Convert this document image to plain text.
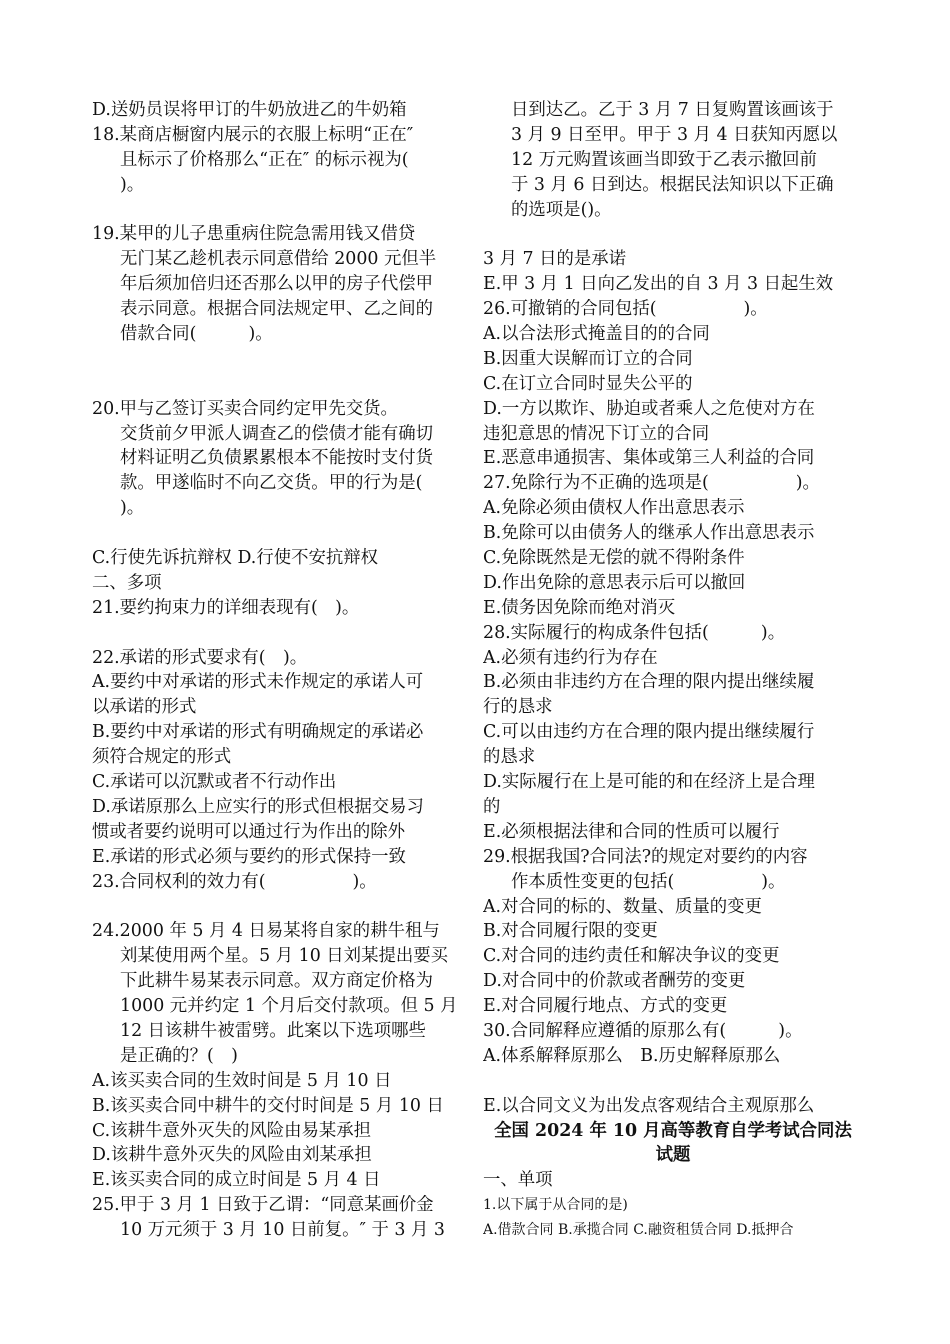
D.送奶员误将甲订的牛奶放进乙的牛奶箱
18.某商店橱窗内展示的衣服上标明“正在″
且标示了价格那么“正在″ 的标示视为(
)。
19.某甲的儿子患重病住院急需用钱又借贷
无门某乙趁机表示同意借给 2000 元但半
年后须加倍归还否那么以甲的房子代偿甲
表示同意。根据合同法规定甲、乙之间的
借款合同(　　　)。
20.甲与乙签订买卖合同约定甲先交货。
交货前夕甲派人调查乙的偿债才能有确切
材料证明乙负债累累根本不能按时支付货
款。甲遂临时不向乙交货。甲的行为是(
)。
C.行使先诉抗辩权 D.行使不安抗辩权
二、多项
21.要约拘束力的详细表现有(　)。
22.承诺的形式要求有(　)。
A.要约中对承诺的形式未作规定的承诺人可
以承诺的形式
B.要约中对承诺的形式有明确规定的承诺必
须符合规定的形式
C.承诺可以沉默或者不行动作出
D.承诺原那么上应实行的形式但根据交易习
惯或者要约说明可以通过行为作出的除外
E.承诺的形式必须与要约的形式保持一致
23.合同权利的效力有(　　　　　)。
24.2000 年 5 月 4 日易某将自家的耕牛租与
刘某使用两个星。5 月 10 日刘某提出要买
下此耕牛易某表示同意。双方商定价格为
1000 元并约定 1 个月后交付款项。但 5 月
12 日该耕牛被雷劈。此案以下选项哪些
是正确的？(　)
A.该买卖合同的生效时间是 5 月 10 日
B.该买卖合同中耕牛的交付时间是 5 月 10 日
C.该耕牛意外灭失的风险由易某承担
D.该耕牛意外灭失的风险由刘某承担
E.该买卖合同的成立时间是 5 月 4 日
25.甲于 3 月 1 日致于乙谓：“同意某画价金
10 万元须于 3 月 10 日前复。″ 于 3 月 3
日到达乙。乙于 3 月 7 日复购置该画该于
3 月 9 日至甲。甲于 3 月 4 日获知丙愿以
12 万元购置该画当即致于乙表示撤回前
于 3 月 6 日到达。根据民法知识以下正确
的选项是()。
3 月 7 日的是承诺
E.甲 3 月 1 日向乙发出的自 3 月 3 日起生效
26.可撤销的合同包括(　　　　　)。
A.以合法形式掩盖目的的合同
B.因重大误解而订立的合同
C.在订立合同时显失公平的
D.一方以欺诈、胁迫或者乘人之危使对方在
违犯意思的情况下订立的合同
E.恶意串通损害、集体或第三人利益的合同
27.免除行为不正确的选项是(　　　　　)。
A.免除必须由债权人作出意思表示
B.免除可以由债务人的继承人作出意思表示
C.免除既然是无偿的就不得附条件
D.作出免除的意思表示后可以撤回
E.债务因免除而绝对消灭
28.实际履行的构成条件包括(　　　)。
A.必须有违约行为存在
B.必须由非违约方在合理的限内提出继续履
行的恳求
C.可以由违约方在合理的限内提出继续履行
的恳求
D.实际履行在上是可能的和在经济上是合理
的
E.必须根据法律和合同的性质可以履行
29.根据我国?合同法?的规定对要约的内容
作本质性变更的包括(　　　　　)。
A.对合同的标的、数量、质量的变更
B.对合同履行限的变更
C.对合同的违约责任和解决争议的变更
D.对合同中的价款或者酬劳的变更
E.对合同履行地点、方式的变更
30.合同解释应遵循的原那么有(　　　)。
A.体系解释原那么　B.历史解释原那么
E.以合同文义为出发点客观结合主观原那么
全国 2024 年 10 月高等教育自学考试合同法
试题
一、单项
1.以下属于从合同的是)
A.借款合同 B.承揽合同 C.融资租赁合同 D.抵押合
